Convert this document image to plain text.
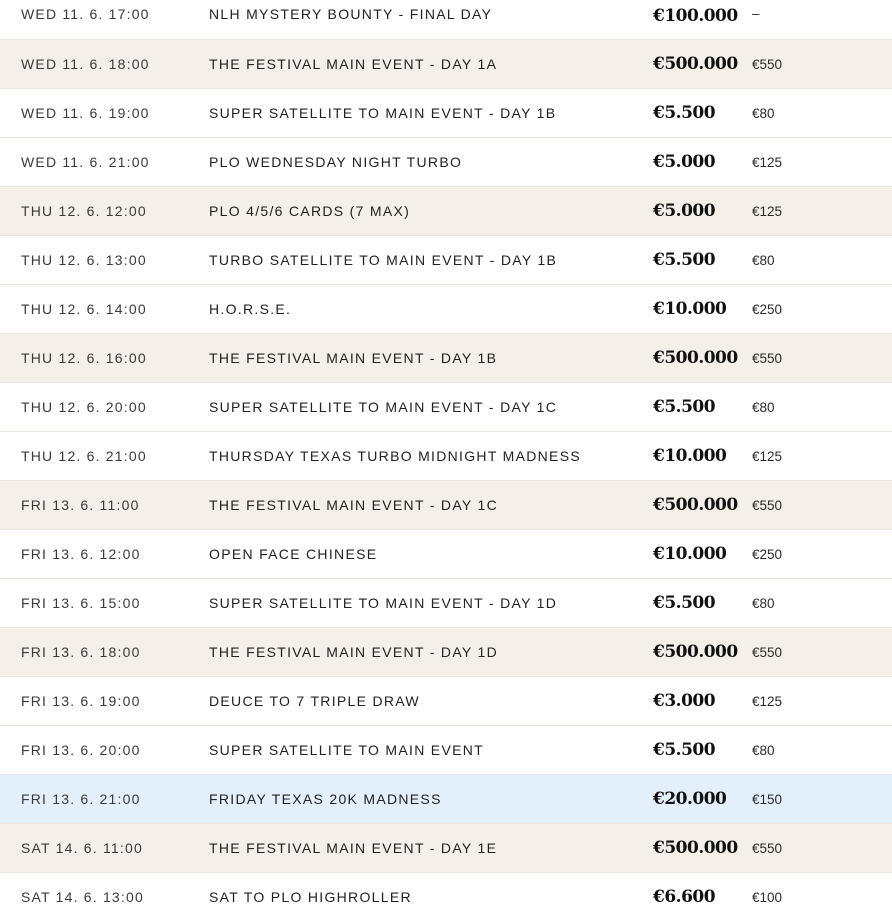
WED 11. 6. 17:00	NLH MYSTERY BOUNTY - FINAL DAY	€100.000 –
WED 11. 6. 18:00	THE FESTIVAL MAIN EVENT - DAY 1A	€500.000 €550
WED 11. 6. 19:00	SUPER SATELLITE TO MAIN EVENT - DAY 1B	€5.500	€80
WED 11. 6. 21:00	PLO WEDNESDAY NIGHT TURBO	€5.000	€125
THU 12. 6. 12:00	PLO 4/5/6 CARDS (7 MAX)	€5.000	€125
THU 12. 6. 13:00	TURBO SATELLITE TO MAIN EVENT - DAY 1B	€5.500	€80
THU 12. 6. 14:00	H.O.R.S.E.	€10.000 €250
THU 12. 6. 16:00	THE FESTIVAL MAIN EVENT - DAY 1B	€500.000 €550
THU 12. 6. 20:00	SUPER SATELLITE TO MAIN EVENT - DAY 1C	€5.500	€80
THU 12. 6. 21:00	THURSDAY TEXAS TURBO MIDNIGHT MADNESS	€10.000 €125
FRI 13. 6. 11:00	THE FESTIVAL MAIN EVENT - DAY 1C	€500.000 €550
FRI 13. 6. 12:00	OPEN FACE CHINESE	€10.000 €250
FRI 13. 6. 15:00	SUPER SATELLITE TO MAIN EVENT - DAY 1D	€5.500	€80
FRI 13. 6. 18:00	THE FESTIVAL MAIN EVENT - DAY 1D	€500.000 €550
FRI 13. 6. 19:00	DEUCE TO 7 TRIPLE DRAW	€3.000	€125
FRI 13. 6. 20:00	SUPER SATELLITE TO MAIN EVENT	€5.500	€80
FRI 13. 6. 21:00	FRIDAY TEXAS 20K MADNESS	€20.000 €150
SAT 14. 6. 11:00	THE FESTIVAL MAIN EVENT - DAY 1E	€500.000 €550
SAT 14. 6. 13:00	SAT TO PLO HIGHROLLER	€6.600	€100
